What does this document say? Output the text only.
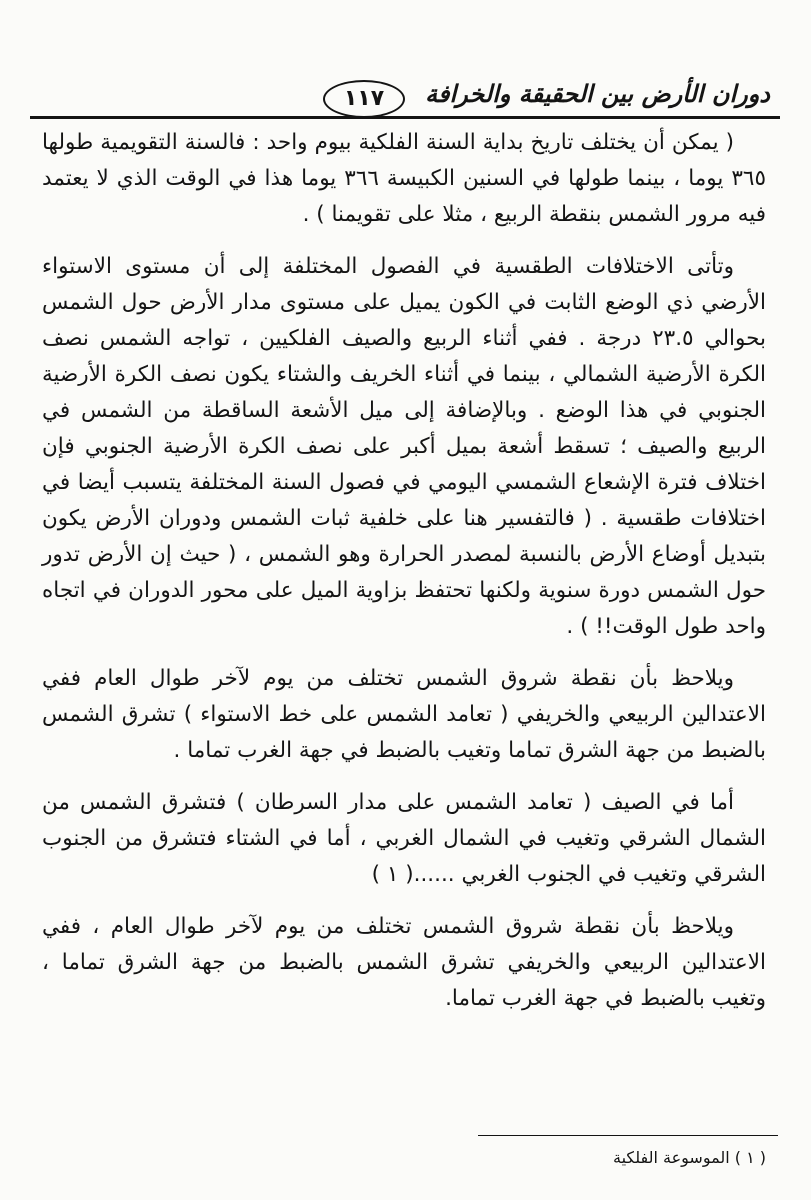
١١٧	دوران الأرض بين الحقيقة والخرافة

( يمكن أن يختلف تاريخ بداية السنة الفلكية بيوم واحد : فالسنة التقويمية طولها ٣٦٥ يوما ، بينما طولها في السنين الكبيسة ٣٦٦ يوما هذا في الوقت الذي لا يعتمد فيه مرور الشمس بنقطة الربيع ، مثلا على تقويمنا ) .

وتأتى الاختلافات الطقسية في الفصول المختلفة إلى أن مستوى الاستواء الأرضي ذي الوضع الثابت في الكون يميل على مستوى مدار الأرض حول الشمس بحوالي ٢٣.٥ درجة . ففي أثناء الربيع والصيف الفلكيين ، تواجه الشمس نصف الكرة الأرضية الشمالي ، بينما في أثناء الخريف والشتاء يكون نصف الكرة الأرضية الجنوبي في هذا الوضع . وبالإضافة إلى ميل الأشعة الساقطة من الشمس في الربيع والصيف ؛ تسقط أشعة بميل أكبر على نصف الكرة الأرضية الجنوبي فإن اختلاف فترة الإشعاع الشمسي اليومي في فصول السنة المختلفة يتسبب أيضا في اختلافات طقسية . ( فالتفسير هنا على خلفية ثبات الشمس ودوران الأرض يكون بتبديل أوضاع الأرض بالنسبة لمصدر الحرارة وهو الشمس ، ( حيث إن الأرض تدور حول الشمس دورة سنوية ولكنها تحتفظ بزاوية الميل على محور الدوران في اتجاه واحد طول الوقت!! ) .

ويلاحظ بأن نقطة شروق الشمس تختلف من يوم لآخر طوال العام ففي الاعتدالين الربيعي والخريفي ( تعامد الشمس على خط الاستواء ) تشرق الشمس بالضبط من جهة الشرق تماما وتغيب بالضبط في جهة الغرب تماما .

أما في الصيف ( تعامد الشمس على مدار السرطان ) فتشرق الشمس من الشمال الشرقي وتغيب في الشمال الغربي ، أما في الشتاء فتشرق من الجنوب الشرقي وتغيب في الجنوب الغربي ......( ١ )

ويلاحظ بأن نقطة شروق الشمس تختلف من يوم لآخر طوال العام ، ففي الاعتدالين الربيعي والخريفي تشرق الشمس بالضبط من جهة الشرق تماما ، وتغيب بالضبط في جهة الغرب تماما.

( ١ ) الموسوعة الفلكية
